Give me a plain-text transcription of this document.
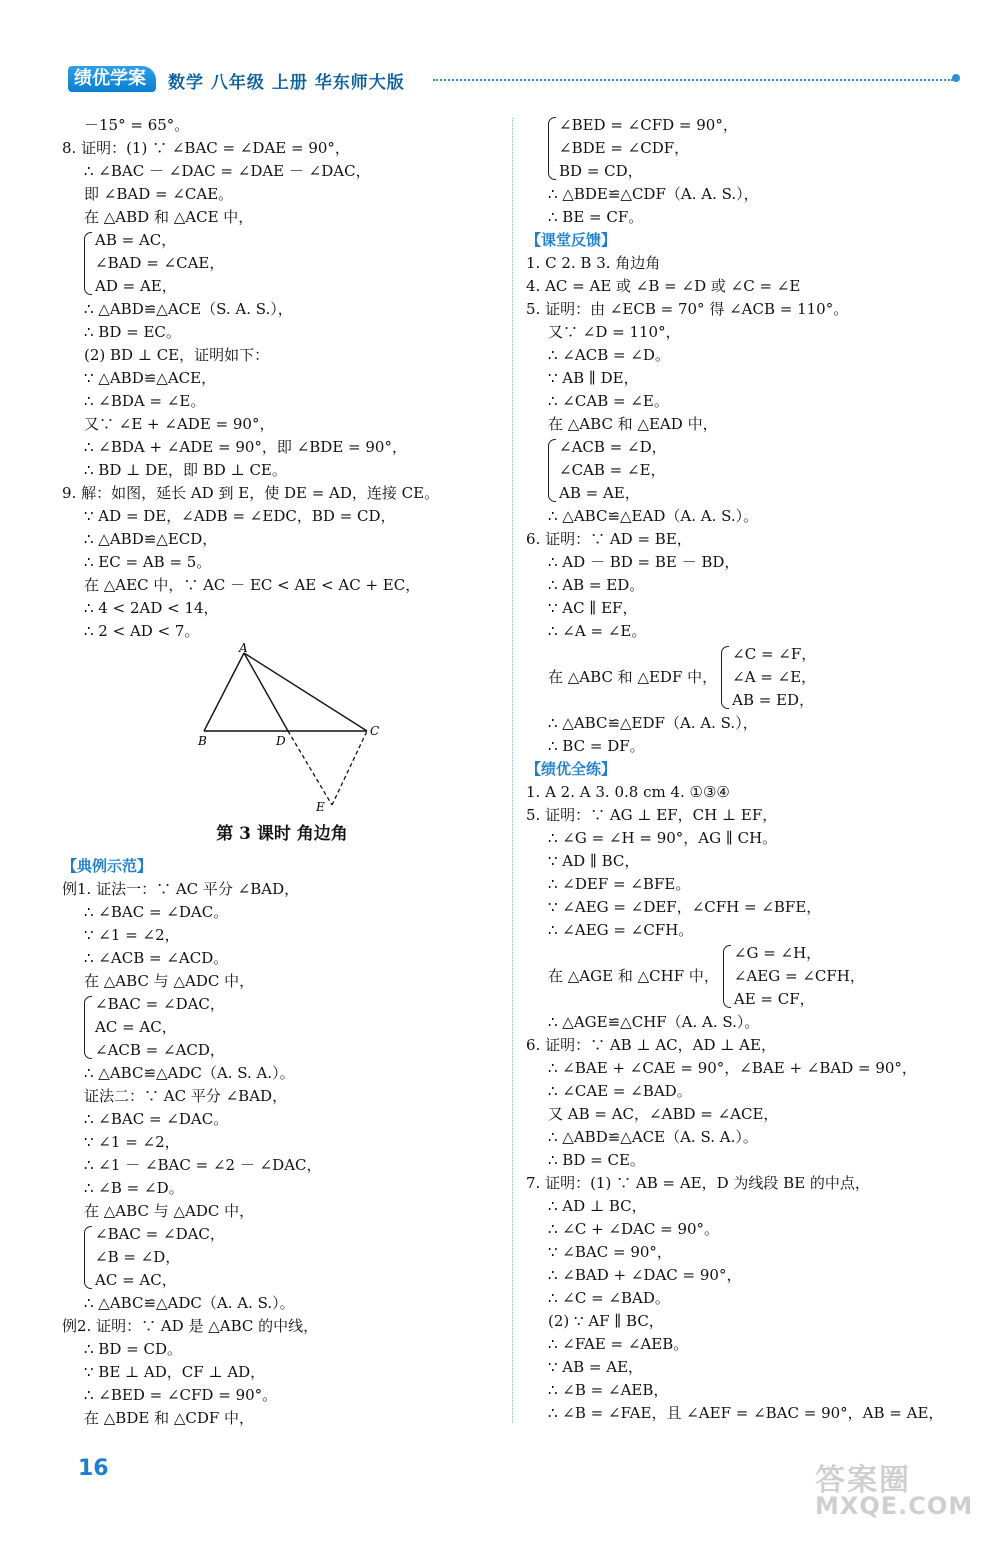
绩优学案	数学 八年级 上册 华东师大版
－15° = 65°。
8. 证明：(1) ∵ ∠BAC = ∠DAE = 90°，
∴ ∠BAC － ∠DAC = ∠DAE － ∠DAC，
即 ∠BAD = ∠CAE。
在 △ABD 和 △ACE 中，
AB = AC，
∠BAD = ∠CAE，
AD = AE，
∴ △ABD≌△ACE（S. A. S.），
∴ BD = EC。
(2) BD ⊥ CE，证明如下：
∵ △ABD≌△ACE，
∴ ∠BDA = ∠E。
又∵ ∠E + ∠ADE = 90°，
∴ ∠BDA + ∠ADE = 90°，即 ∠BDE = 90°，
∴ BD ⊥ DE，即 BD ⊥ CE。
9. 解：如图，延长 AD 到 E，使 DE = AD，连接 CE。
∵ AD = DE，∠ADB = ∠EDC，BD = CD，
∴ △ABD≌△ECD，
∴ EC = AB = 5。
在 △AEC 中，∵ AC － EC < AE < AC + EC，
∴ 4 < 2AD < 14，
∴ 2 < AD < 7。
A
B
C
D
E
第 3 课时 角边角
【典例示范】
例1. 证法一：∵ AC 平分 ∠BAD，
∴ ∠BAC = ∠DAC。
∵ ∠1 = ∠2，
∴ ∠ACB = ∠ACD。
在 △ABC 与 △ADC 中，
∠BAC = ∠DAC，
AC = AC，
∠ACB = ∠ACD，
∴ △ABC≌△ADC（A. S. A.）。
证法二：∵ AC 平分 ∠BAD，
∴ ∠BAC = ∠DAC。
∵ ∠1 = ∠2，
∴ ∠1 － ∠BAC = ∠2 － ∠DAC，
∴ ∠B = ∠D。
在 △ABC 与 △ADC 中，
∠BAC = ∠DAC，
∠B = ∠D，
AC = AC，
∴ △ABC≌△ADC（A. A. S.）。
例2. 证明：∵ AD 是 △ABC 的中线，
∴ BD = CD。
∵ BE ⊥ AD，CF ⊥ AD，
∴ ∠BED = ∠CFD = 90°。
在 △BDE 和 △CDF 中，
∠BED = ∠CFD = 90°，
∠BDE = ∠CDF，
BD = CD，
∴ △BDE≌△CDF（A. A. S.），
∴ BE = CF。
【课堂反馈】
1. C 2. B 3. 角边角
4. AC = AE 或 ∠B = ∠D 或 ∠C = ∠E
5. 证明：由 ∠ECB = 70° 得 ∠ACB = 110°。
又∵ ∠D = 110°，
∴ ∠ACB = ∠D。
∵ AB ∥ DE，
∴ ∠CAB = ∠E。
在 △ABC 和 △EAD 中，
∠ACB = ∠D，
∠CAB = ∠E，
AB = AE，
∴ △ABC≌△EAD（A. A. S.）。
6. 证明：∵ AD = BE，
∴ AD － BD = BE － BD，
∴ AB = ED。
∵ AC ∥ EF，
∴ ∠A = ∠E。
在 △ABC 和 △EDF 中，
∠C = ∠F，
∠A = ∠E，
AB = ED，
∴ △ABC≌△EDF（A. A. S.），
∴ BC = DF。
【绩优全练】
1. A 2. A 3. 0.8 cm 4. ①③④
5. 证明：∵ AG ⊥ EF，CH ⊥ EF，
∴ ∠G = ∠H = 90°，AG ∥ CH。
∵ AD ∥ BC，
∴ ∠DEF = ∠BFE。
∵ ∠AEG = ∠DEF，∠CFH = ∠BFE，
∴ ∠AEG = ∠CFH。
在 △AGE 和 △CHF 中，
∠G = ∠H，
∠AEG = ∠CFH，
AE = CF，
∴ △AGE≌△CHF（A. A. S.）。
6. 证明：∵ AB ⊥ AC，AD ⊥ AE，
∴ ∠BAE + ∠CAE = 90°，∠BAE + ∠BAD = 90°，
∴ ∠CAE = ∠BAD。
又 AB = AC，∠ABD = ∠ACE，
∴ △ABD≌△ACE（A. S. A.）。
∴ BD = CE。
7. 证明：(1) ∵ AB = AE，D 为线段 BE 的中点，
∴ AD ⊥ BC，
∴ ∠C + ∠DAC = 90°。
∵ ∠BAC = 90°，
∴ ∠BAD + ∠DAC = 90°，
∴ ∠C = ∠BAD。
(2) ∵ AF ∥ BC，
∴ ∠FAE = ∠AEB。
∵ AB = AE，
∴ ∠B = ∠AEB，
∴ ∠B = ∠FAE，且 ∠AEF = ∠BAC = 90°，AB = AE，
16	答案圈
MXQE.COM
